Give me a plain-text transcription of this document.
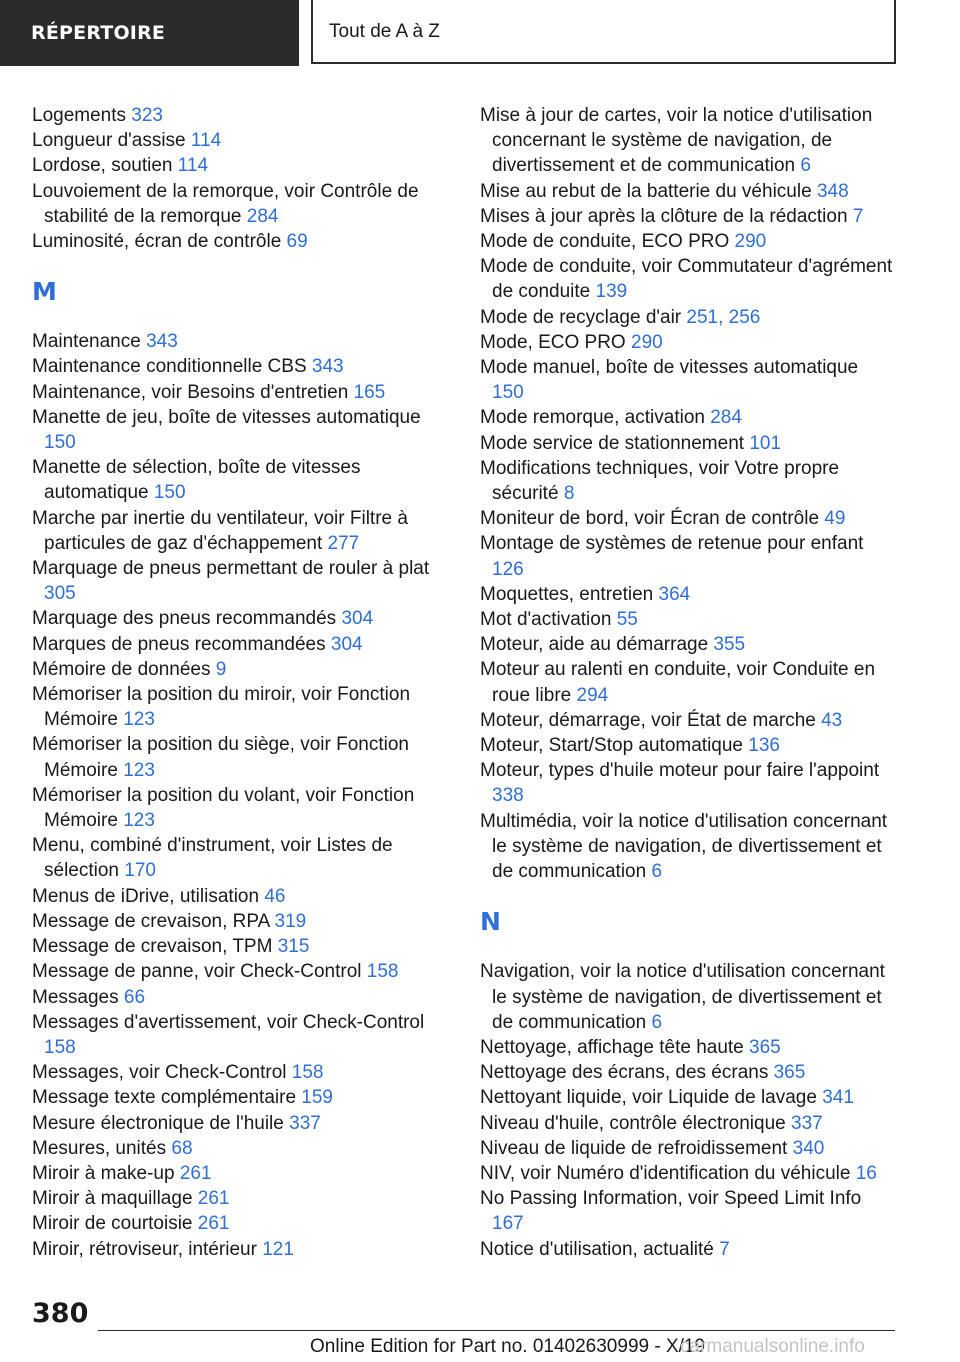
RÉPERTOIRE	Tout de A à Z

Logements 323

Longueur d'assise 114

Lordose, soutien 114

Louvoiement de la remorque, voir Contrôle de stabilité de la remorque 284

Luminosité, écran de contrôle 69

M

Maintenance 343

Maintenance conditionnelle CBS 343

Maintenance, voir Besoins d'entretien 165

Manette de jeu, boîte de vitesses automatique 150

Manette de sélection, boîte de vitesses automatique 150

Marche par inertie du ventilateur, voir Filtre à particules de gaz d'échappement 277

Marquage de pneus permettant de rouler à plat 305

Marquage des pneus recommandés 304

Marques de pneus recommandées 304

Mémoire de données 9

Mémoriser la position du miroir, voir Fonction Mémoire 123

Mémoriser la position du siège, voir Fonction Mémoire 123

Mémoriser la position du volant, voir Fonction Mémoire 123

Menu, combiné d'instrument, voir Listes de sélection 170

Menus de iDrive, utilisation 46

Message de crevaison, RPA 319

Message de crevaison, TPM 315

Message de panne, voir Check-Control 158

Messages 66

Messages d'avertissement, voir Check-Control 158

Messages, voir Check-Control 158

Message texte complémentaire 159

Mesure électronique de l'huile 337

Mesures, unités 68

Miroir à make-up 261

Miroir à maquillage 261

Miroir de courtoisie 261

Miroir, rétroviseur, intérieur 121

Mise à jour de cartes, voir la notice d'utilisation concernant le système de navigation, de divertissement et de communication 6

Mise au rebut de la batterie du véhicule 348

Mises à jour après la clôture de la rédaction 7

Mode de conduite, ECO PRO 290

Mode de conduite, voir Commutateur d'agrément de conduite 139

Mode de recyclage d'air 251, 256

Mode, ECO PRO 290

Mode manuel, boîte de vitesses automatique 150

Mode remorque, activation 284

Mode service de stationnement 101

Modifications techniques, voir Votre propre sécurité 8

Moniteur de bord, voir Écran de contrôle 49

Montage de systèmes de retenue pour enfant 126

Moquettes, entretien 364

Mot d'activation 55

Moteur, aide au démarrage 355

Moteur au ralenti en conduite, voir Conduite en roue libre 294

Moteur, démarrage, voir État de marche 43

Moteur, Start/Stop automatique 136

Moteur, types d'huile moteur pour faire l'appoint 338

Multimédia, voir la notice d'utilisation concernant le système de navigation, de divertissement et de communication 6

N

Navigation, voir la notice d'utilisation concernant le système de navigation, de divertissement et de communication 6

Nettoyage, affichage tête haute 365

Nettoyage des écrans, des écrans 365

Nettoyant liquide, voir Liquide de lavage 341

Niveau d'huile, contrôle électronique 337

Niveau de liquide de refroidissement 340

NIV, voir Numéro d'identification du véhicule 16

No Passing Information, voir Speed Limit Info 167

Notice d'utilisation, actualité 7

380
Online Edition for Part no. 01402630999 - X/19
carmanualsonline.info
